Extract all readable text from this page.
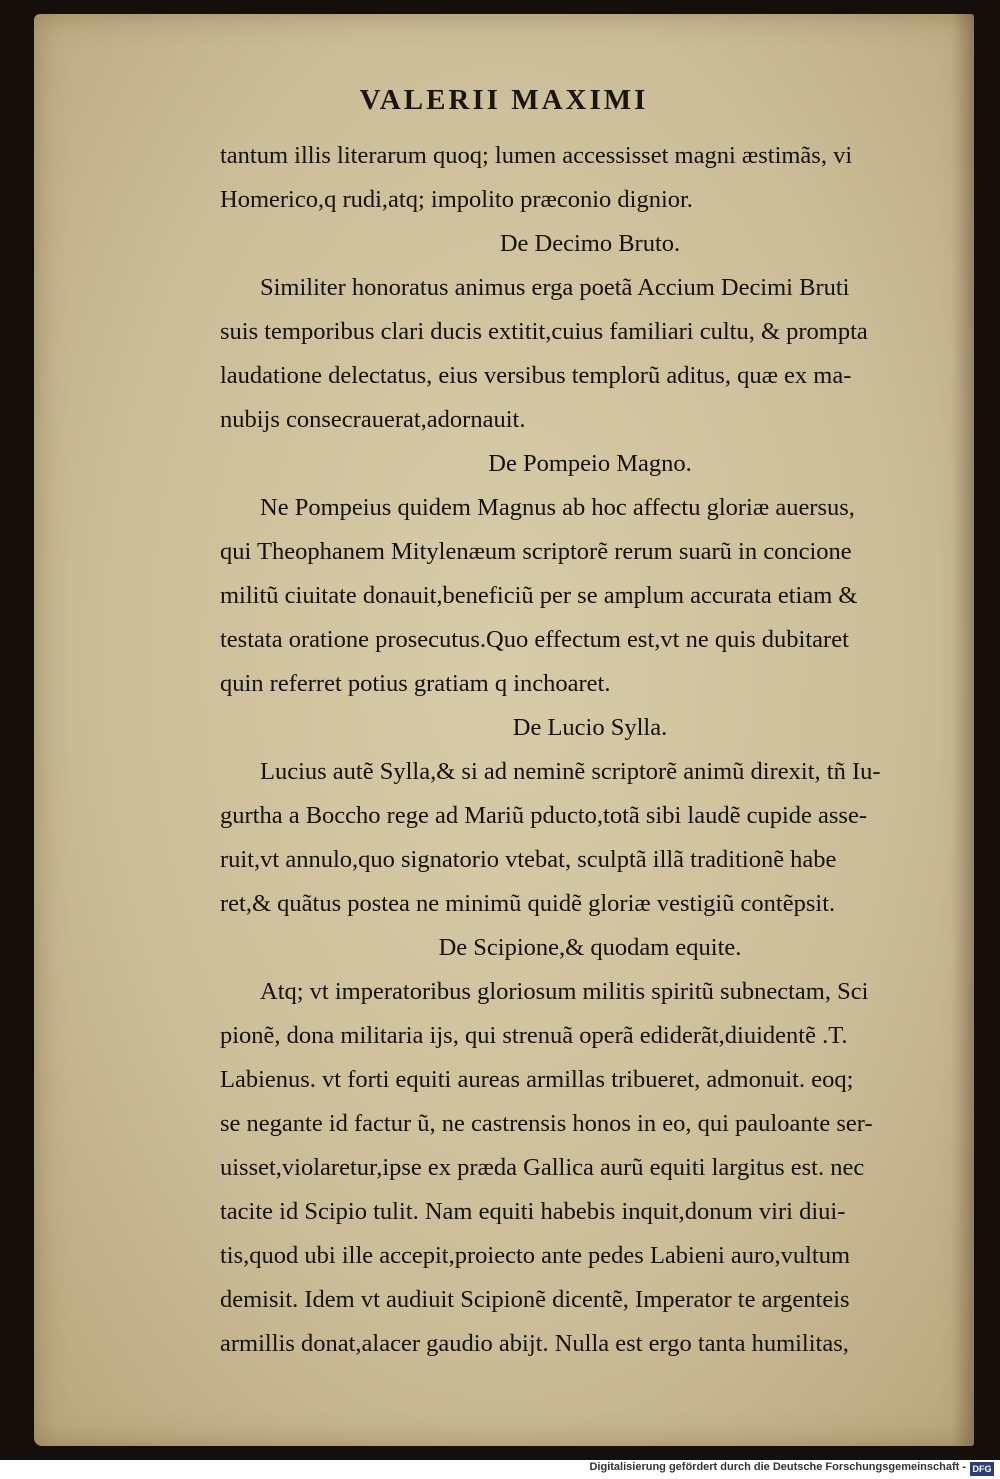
VALERII MAXIMI
tantum illis literarum quoq; lumen accessisset magni æstimãs, vi
Homerico,q rudi,atq; impolito præconio dignior.
De Decimo Bruto.
Similiter honoratus animus erga poetã Accium Decimi Bruti
suis temporibus clari ducis extitit,cuius familiari cultu, & prompta
laudatione delectatus, eius versibus templorũ aditus, quæ ex ma-
nubijs consecrauerat,adornauit.
De Pompeio Magno.
Ne Pompeius quidem Magnus ab hoc affectu gloriæ auersus,
qui Theophanem Mitylenæum scriptorẽ rerum suarũ in concione
militũ ciuitate donauit,beneficiũ per se amplum accurata etiam &
testata oratione prosecutus.Quo effectum est,vt ne quis dubitaret
quin referret potius gratiam q inchoaret.
De Lucio Sylla.
Lucius autẽ Sylla,& si ad neminẽ scriptorẽ animũ direxit, tñ Iu-
gurtha a Boccho rege ad Mariũ pducto,totã sibi laudẽ cupide asse-
ruit,vt annulo,quo signatorio vtebat, sculptã illã traditionẽ habe
ret,& quãtus postea ne minimũ quidẽ gloriæ vestigiũ contẽpsit.
De Scipione,& quodam equite.
Atq; vt imperatoribus gloriosum militis spiritũ subnectam, Sci
pionẽ, dona militaria ijs, qui strenuã operã ediderãt,diuidentẽ .T.
Labienus. vt forti equiti aureas armillas tribueret, admonuit. eoq;
se negante id factur ũ, ne castrensis honos in eo, qui pauloante ser-
uisset,violaretur,ipse ex præda Gallica aurũ equiti largitus est. nec
tacite id Scipio tulit. Nam equiti habebis inquit,donum viri diui-
tis,quod ubi ille accepit,proiecto ante pedes Labieni auro,vultum
demisit. Idem vt audiuit Scipionẽ dicentẽ, Imperator te argenteis
armillis donat,alacer gaudio abijt. Nulla est ergo tanta humilitas,
Digitalisierung gefördert durch die Deutsche Forschungsgemeinschaft - DFG
